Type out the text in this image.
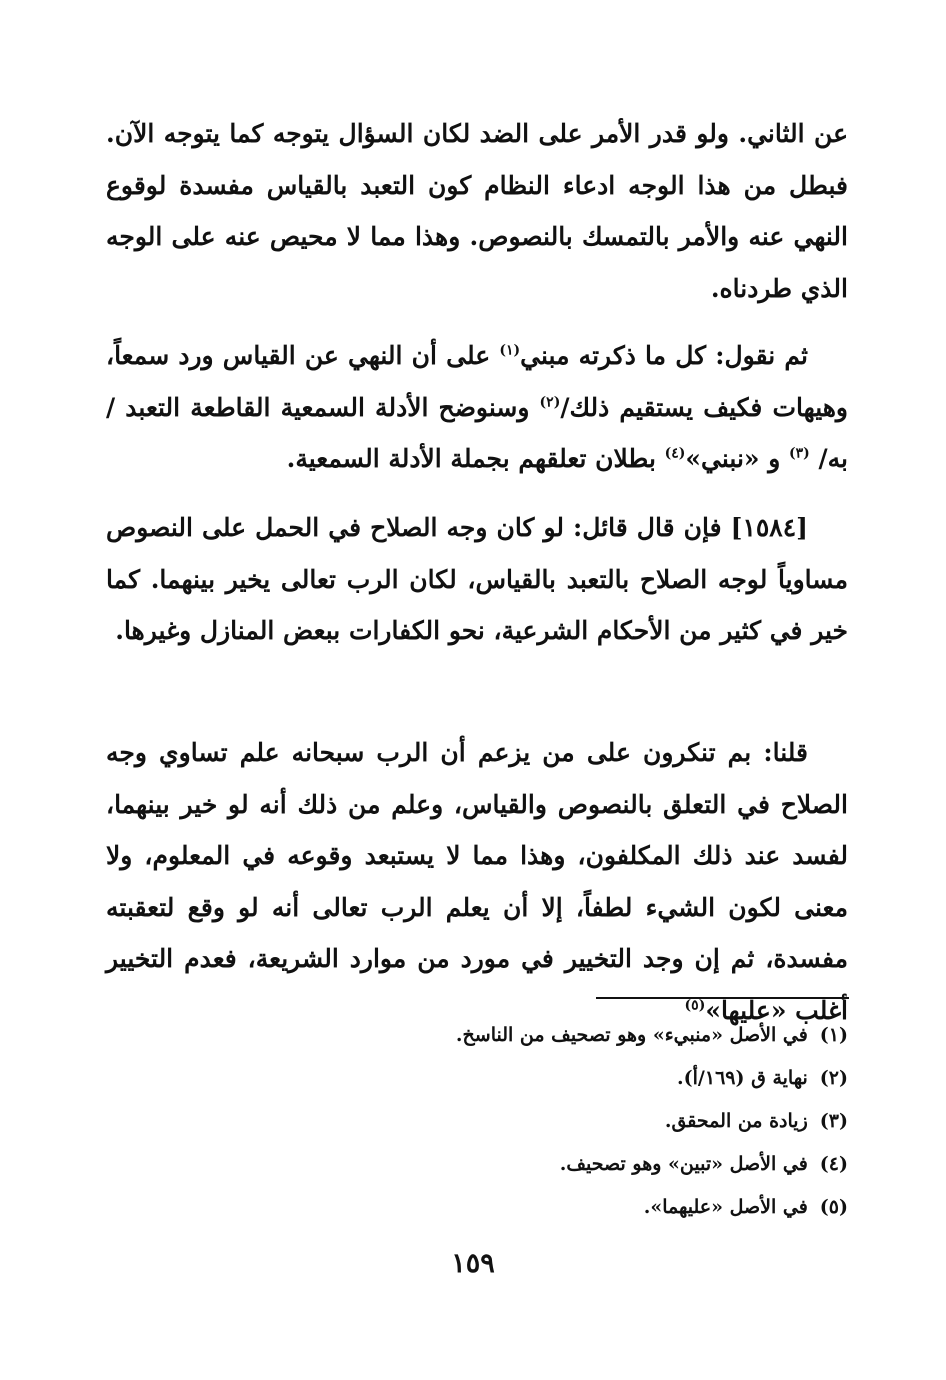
عن الثاني. ولو قدر الأمر على الضد لكان السؤال يتوجه كما يتوجه الآن. فبطل من هذا الوجه ادعاء النظام كون التعبد بالقياس مفسدة لوقوع النهي عنه والأمر بالتمسك بالنصوص. وهذا مما لا محيص عنه على الوجه الذي طردناه.

ثم نقول: كل ما ذكرته مبني$^{(١)}$ على أن النهي عن القياس ورد سمعاً، وهيهات فكيف يستقيم ذلك/$^{(٢)}$ وسنوضح الأدلة السمعية القاطعة التعبد / به/ $^{(٣)}$ و «نبني»$^{(٤)}$ بطلان تعلقهم بجملة الأدلة السمعية.

[١٥٨٤] فإن قال قائل: لو كان وجه الصلاح في الحمل على النصوص مساوياً لوجه الصلاح بالتعبد بالقياس، لكان الرب تعالى يخير بينهما. كما خير في كثير من الأحكام الشرعية، نحو الكفارات ببعض المنازل وغيرها.

قلنا: بم تنكرون على من يزعم أن الرب سبحانه علم تساوي وجه الصلاح في التعلق بالنصوص والقياس، وعلم من ذلك أنه لو خير بينهما، لفسد عند ذلك المكلفون، وهذا مما لا يستبعد وقوعه في المعلوم، ولا معنى لكون الشيء لطفاً، إلا أن يعلم الرب تعالى أنه لو وقع لتعقبته مفسدة، ثم إن وجد التخيير في مورد من موارد الشريعة، فعدم التخيير أغلب «عليها»$^{(٥)}$

(١)في الأصل «منبيء» وهو تصحيف من الناسخ.
(٢)نهاية ق (١٦٩/أ).
(٣)زيادة من المحقق.
(٤)في الأصل «تبين» وهو تصحيف.
(٥)في الأصل «عليهما».
١٥٩
